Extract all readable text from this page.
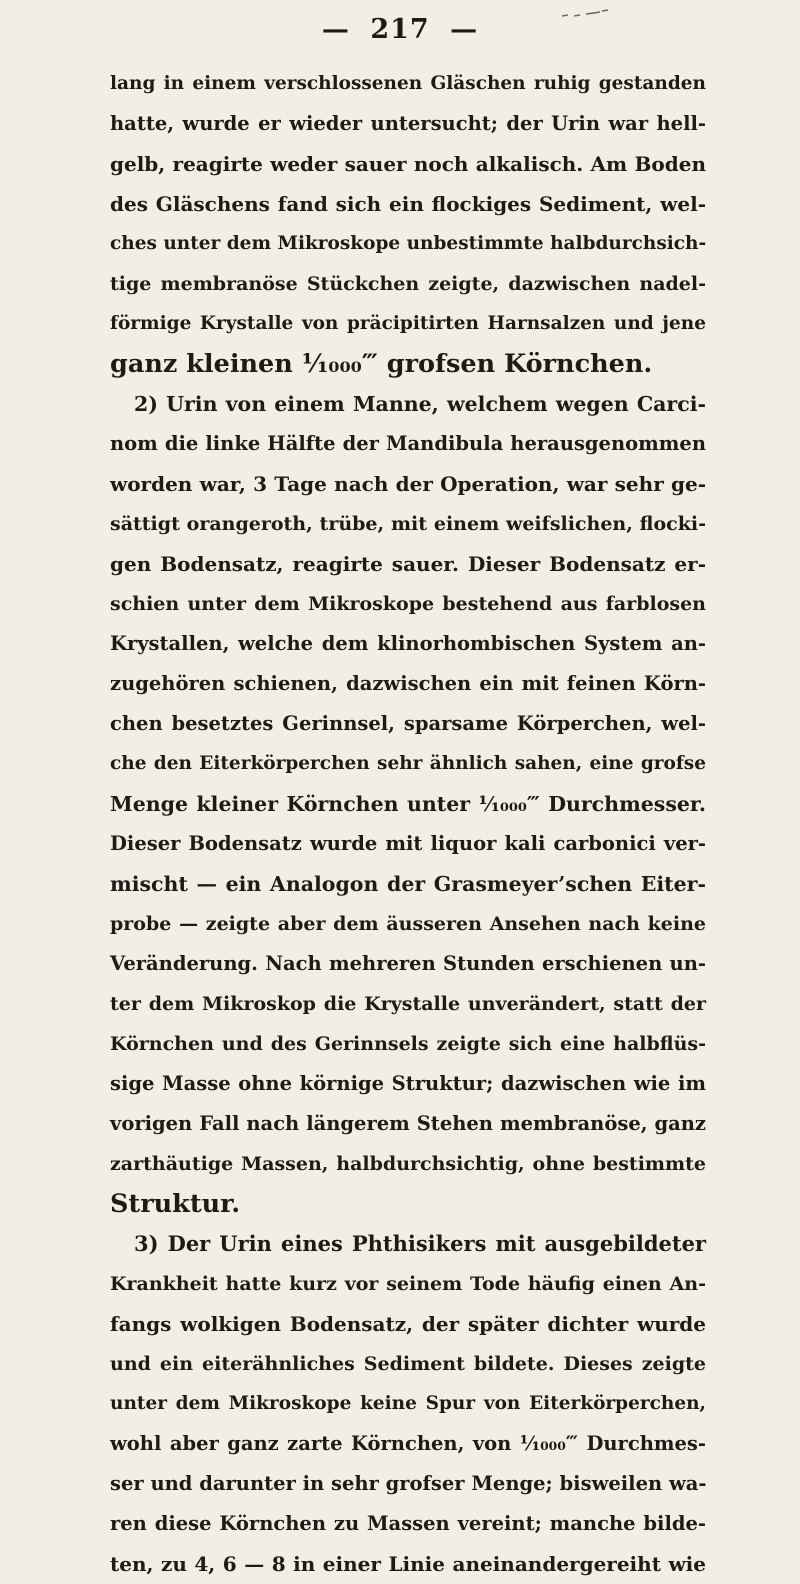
— 217 —
lang in einem verschlossenen Gläschen ruhig gestanden
hatte, wurde er wieder untersucht; der Urin war hell-
gelb, reagirte weder sauer noch alkalisch. Am Boden
des Gläschens fand sich ein flockiges Sediment, wel-
ches unter dem Mikroskope unbestimmte halbdurchsich-
tige membranöse Stückchen zeigte, dazwischen nadel-
förmige Krystalle von präcipitirten Harnsalzen und jene
ganz kleinen ¹⁄₁₀₀₀‴ grofsen Körnchen.
2) Urin von einem Manne, welchem wegen Carci-
nom die linke Hälfte der Mandibula herausgenommen
worden war, 3 Tage nach der Operation, war sehr ge-
sättigt orangeroth, trübe, mit einem weifslichen, flocki-
gen Bodensatz, reagirte sauer. Dieser Bodensatz er-
schien unter dem Mikroskope bestehend aus farblosen
Krystallen, welche dem klinorhombischen System an-
zugehören schienen, dazwischen ein mit feinen Körn-
chen besetztes Gerinnsel, sparsame Körperchen, wel-
che den Eiterkörperchen sehr ähnlich sahen, eine grofse
Menge kleiner Körnchen unter ¹⁄₁₀₀₀‴ Durchmesser.
Dieser Bodensatz wurde mit liquor kali carbonici ver-
mischt — ein Analogon der Grasmeyer’schen Eiter-
probe — zeigte aber dem äusseren Ansehen nach keine
Veränderung. Nach mehreren Stunden erschienen un-
ter dem Mikroskop die Krystalle unverändert, statt der
Körnchen und des Gerinnsels zeigte sich eine halbflüs-
sige Masse ohne körnige Struktur; dazwischen wie im
vorigen Fall nach längerem Stehen membranöse, ganz
zarthäutige Massen, halbdurchsichtig, ohne bestimmte
Struktur.
3) Der Urin eines Phthisikers mit ausgebildeter
Krankheit hatte kurz vor seinem Tode häufig einen An-
fangs wolkigen Bodensatz, der später dichter wurde
und ein eiterähnliches Sediment bildete. Dieses zeigte
unter dem Mikroskope keine Spur von Eiterkörperchen,
wohl aber ganz zarte Körnchen, von ¹⁄₁₀₀₀‴ Durchmes-
ser und darunter in sehr grofser Menge; bisweilen wa-
ren diese Körnchen zu Massen vereint; manche bilde-
ten, zu 4, 6 — 8 in einer Linie aneinandergereiht wie
